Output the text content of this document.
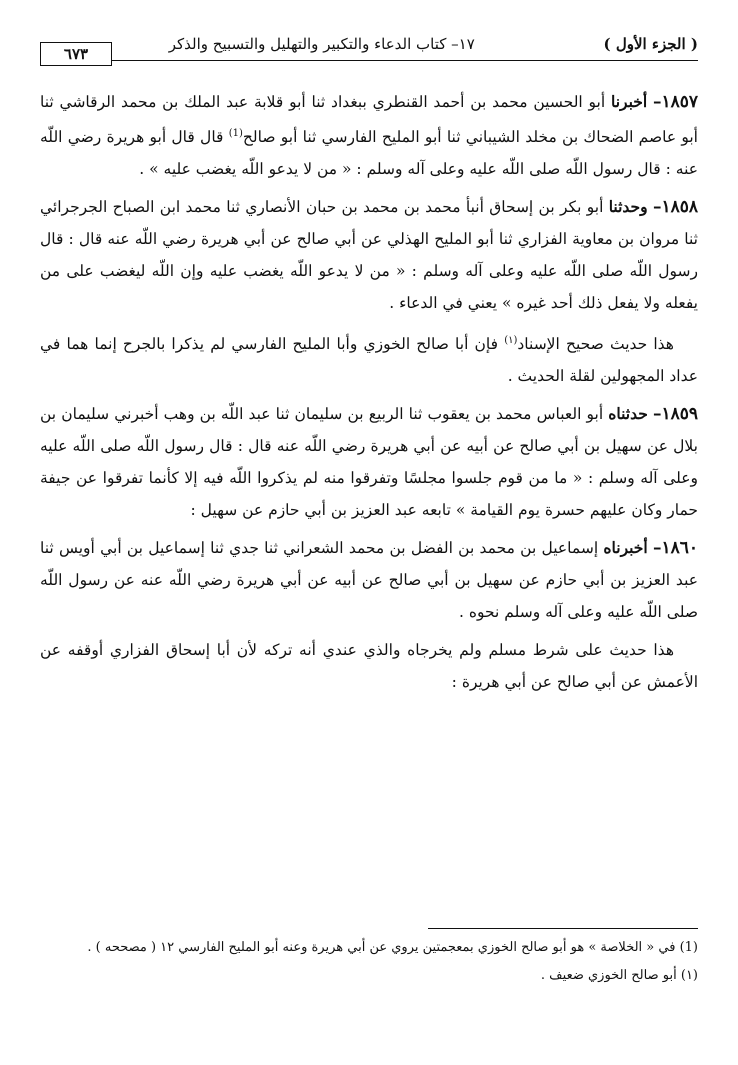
( الجزء الأول )
١٧– كتاب الدعاء والتكبير والتهليل والتسبيح والذكر
٦٧٣

١٨٥٧– أخبرنا أبو الحسين محمد بن أحمد القنطري ببغداد ثنا أبو قلابة عبد الملك بن محمد الرقاشي ثنا أبو عاصم الضحاك بن مخلد الشيباني ثنا أبو المليح الفارسي ثنا أبو صالح$^{(1)}$ قال قال أبو هريرة رضي اللّه عنه : قال رسول اللّه صلى اللّه عليه وعلى آله وسلم : « من لا يدعو اللّه يغضب عليه » .

١٨٥٨– وحدثنا أبو بكر بن إسحاق أنبأ محمد بن محمد بن حبان الأنصاري ثنا محمد ابن الصباح الجرجرائي ثنا مروان بن معاوية الفزاري ثنا أبو المليح الهذلي عن أبي صالح عن أبي هريرة رضي اللّه عنه قال : قال رسول اللّه صلى اللّه عليه وعلى آله وسلم : « من لا يدعو اللّه يغضب عليه وإن اللّه ليغضب على من يفعله ولا يفعل ذلك أحد غيره » يعني في الدعاء .

هذا حديث صحيح الإسناد$^{(١)}$ فإن أبا صالح الخوزي وأبا المليح الفارسي لم يذكرا بالجرح إنما هما في عداد المجهولين لقلة الحديث .

١٨٥٩– حدثناه أبو العباس محمد بن يعقوب ثنا الربيع بن سليمان ثنا عبد اللّه بن وهب أخبرني سليمان بن بلال عن سهيل بن أبي صالح عن أبيه عن أبي هريرة رضي اللّه عنه قال : قال رسول اللّه صلى اللّه عليه وعلى آله وسلم : « ما من قوم جلسوا مجلسًا وتفرقوا منه لم يذكروا اللّه فيه إلا كأنما تفرقوا عن جيفة حمار وكان عليهم حسرة يوم القيامة » تابعه عبد العزيز بن أبي حازم عن سهيل :

١٨٦٠– أخبرناه إسماعيل بن محمد بن الفضل بن محمد الشعراني ثنا جدي ثنا إسماعيل بن أبي أويس ثنا عبد العزيز بن أبي حازم عن سهيل بن أبي صالح عن أبيه عن أبي هريرة رضي اللّه عنه عن رسول اللّه صلى اللّه عليه وعلى آله وسلم نحوه .

هذا حديث على شرط مسلم ولم يخرجاه والذي عندي أنه تركه لأن أبا إسحاق الفزاري أوقفه عن الأعمش عن أبي صالح عن أبي هريرة :

(1) في « الخلاصة » هو أبو صالح الخوزي بمعجمتين يروي عن أبي هريرة وعنه أبو المليح الفارسي ١٢ ( مصححه ) .

(١) أبو صالح الخوزي ضعيف .
